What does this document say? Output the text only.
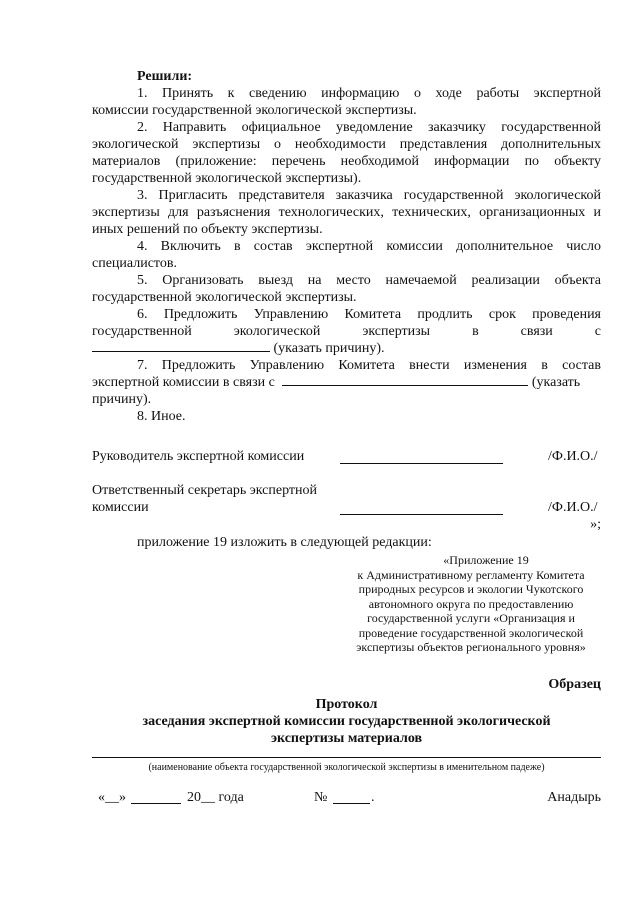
Решили:

1. Принять к сведению информацию о ходе работы экспертной

комиссии государственной экологической экспертизы.

2. Направить официальное уведомление заказчику государственной

экологической экспертизы о необходимости представления дополнительных материалов (приложение: перечень необходимой информации по объекту государственной экологической экспертизы).

3. Пригласить представителя заказчика государственной экологической

экспертизы для разъяснения технологических, технических, организационных и иных решений по объекту экспертизы.

4. Включить в состав экспертной комиссии дополнительное число

специалистов.

5. Организовать выезд на место намечаемой реализации объекта

государственной экологической экспертизы.

6. Предложить Управлению Комитета продлить срок проведения

государственной экологической экспертизы в связи с

(указать причину).

7. Предложить Управлению Комитета внести изменения в состав

экспертной комиссии в связи с	(указать

причину).

8. Иное.

Руководитель экспертной комиссии	/Ф.И.О./

Ответственный секретарь экспертной

комиссии	/Ф.И.О./

»;

приложение 19 изложить в следующей редакции:

«Приложение 19
к Административному регламенту Комитета
природных ресурсов и экологии Чукотского
автономного округа по предоставлению
государственной услуги «Организация и
проведение государственной экологической
экспертизы объектов регионального уровня»

Образец

Протокол

заседания экспертной комиссии государственной экологической

экспертизы материалов

(наименование объекта государственной экологической экспертизы в именительном падеже)

«__»	20__ года	№	.	Анадырь
